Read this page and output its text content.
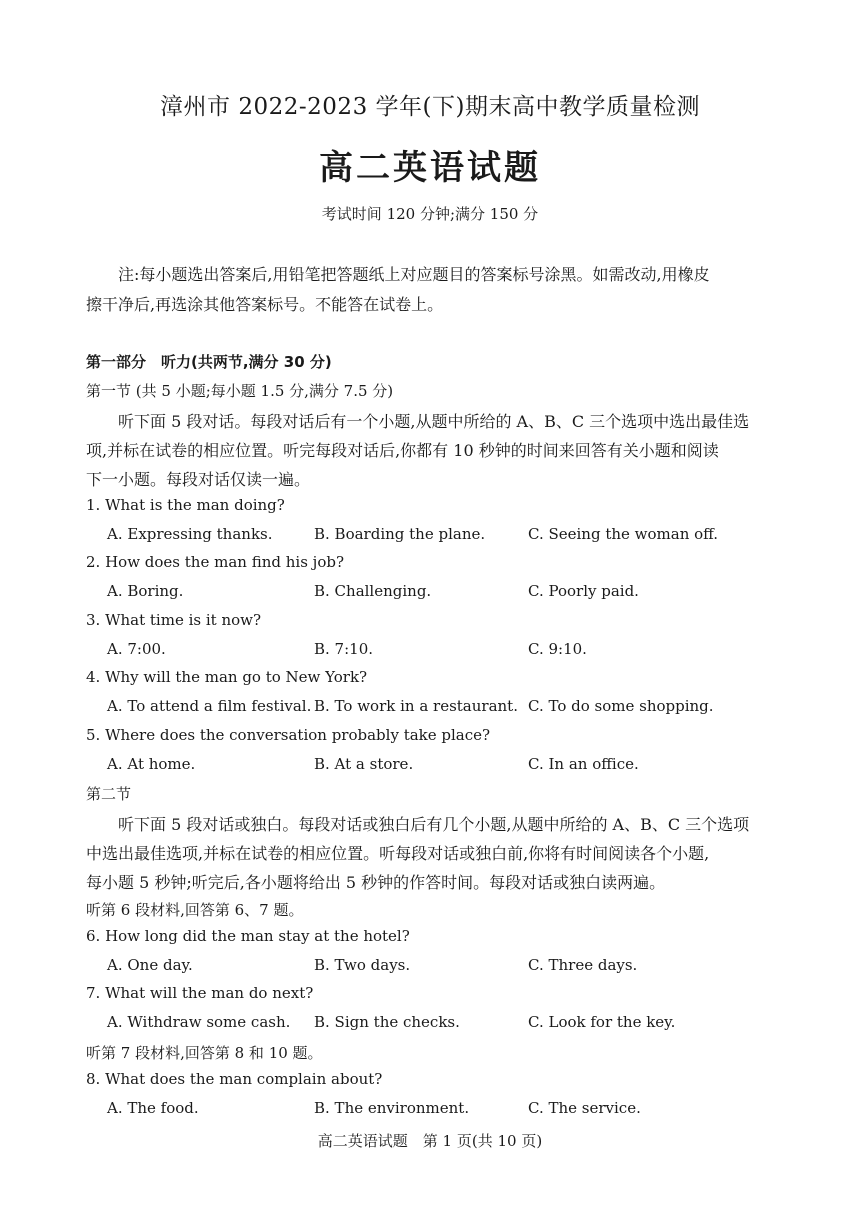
漳州市 2022-2023 学年(下)期末高中教学质量检测

高二英语试题

考试时间 120 分钟;满分 150 分

注:每小题选出答案后,用铅笔把答题纸上对应题目的答案标号涂黑。如需改动,用橡皮

擦干净后,再选涂其他答案标号。不能答在试卷上。

第一部分　听力(共两节,满分 30 分)

第一节 (共 5 小题;每小题 1.5 分,满分 7.5 分)

听下面 5 段对话。每段对话后有一个小题,从题中所给的 A、B、C 三个选项中选出最佳选

项,并标在试卷的相应位置。听完每段对话后,你都有 10 秒钟的时间来回答有关小题和阅读

下一小题。每段对话仅读一遍。

1. What is the man doing?

A. Expressing thanks.	B. Boarding the plane.	C. Seeing the woman off.

2. How does the man find his job?

A. Boring.	B. Challenging.	C. Poorly paid.

3. What time is it now?

A. 7:00.	B. 7:10.	C. 9:10.

4. Why will the man go to New York?

A. To attend a film festival. B. To work in a restaurant. C. To do some shopping.

5. Where does the conversation probably take place?

A. At home.	B. At a store.	C. In an office.

第二节

听下面 5 段对话或独白。每段对话或独白后有几个小题,从题中所给的 A、B、C 三个选项

中选出最佳选项,并标在试卷的相应位置。听每段对话或独白前,你将有时间阅读各个小题,

每小题 5 秒钟;听完后,各小题将给出 5 秒钟的作答时间。每段对话或独白读两遍。

听第 6 段材料,回答第 6、7 题。

6. How long did the man stay at the hotel?

A. One day.	B. Two days.	C. Three days.

7. What will the man do next?

A. Withdraw some cash. B. Sign the checks.	C. Look for the key.

听第 7 段材料,回答第 8 和 10 题。

8. What does the man complain about?

A. The food.	B. The environment.	C. The service.

高二英语试题　第 1 页(共 10 页)
